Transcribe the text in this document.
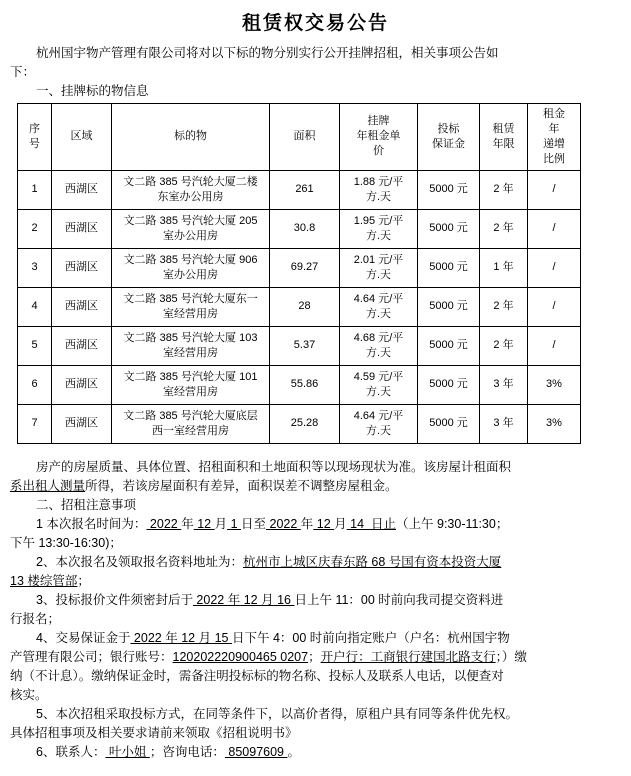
租赁权交易公告

杭州国宇物产管理有限公司将对以下标的物分别实行公开挂牌招租，相关事项公告如

下：

一、挂牌标的物信息

序
号	区域	标的物	面积	挂牌
年租金单
价	投标
保证金	租赁
年限	租金
年
递增
比例

1	西湖区	文二路 385 号汽轮大厦二楼
东室办公用房	261	1.88 元/平
方.天	5000 元	2 年	/

2	西湖区	文二路 385 号汽轮大厦 205
室办公用房	30.8	1.95 元/平
方.天	5000 元	2 年	/

3	西湖区	文二路 385 号汽轮大厦 906
室办公用房	69.27	2.01 元/平
方.天	5000 元	1 年	/

4	西湖区	文二路 385 号汽轮大厦东一
室经营用房	28	4.64 元/平
方.天	5000 元	2 年	/

5	西湖区	文二路 385 号汽轮大厦 103
室经营用房	5.37	4.68 元/平
方.天	5000 元	2 年	/

6	西湖区	文二路 385 号汽轮大厦 101
室经营用房	55.86	4.59 元/平
方.天	5000 元	3 年	3%

7	西湖区	文二路 385 号汽轮大厦底层
西一室经营用房	25.28	4.64 元/平
方.天	5000 元	3 年	3%

房产的房屋质量、具体位置、招租面积和土地面积等以现场现状为准。该房屋计租面积

系出租人测量所得，若该房屋面积有差异，面积误差不调整房屋租金。

二、招租注意事项

1 本次报名时间为： 2022 年 12 月 1 日至 2022 年 12 月 14  日止（上午 9:30-11:30；

下午 13:30-16:30)；

2、本次报名及领取报名资料地址为：杭州市上城区庆春东路 68 号国有资本投资大厦

13 楼综管部；

3、投标报价文件须密封后于 2022 年 12 月 16 日上午 11：00 时前向我司提交资料进

行报名；

4、交易保证金于 2022 年 12 月 15 日下午 4：00 时前向指定账户（户名：杭州国宇物

产管理有限公司；银行账号：120202220900465 0207；开户行：工商银行建国北路支行；）缴

纳（不计息）。缴纳保证金时，需备注明投标标的物名称、投标人及联系人电话，以便查对

核实。

5、本次招租采取投标方式，在同等条件下，以高价者得，原租户具有同等条件优先权。

具体招租事项及相关要求请前来领取《招租说明书》

6、联系人： 叶小姐 ；咨询电话： 85097609 。
